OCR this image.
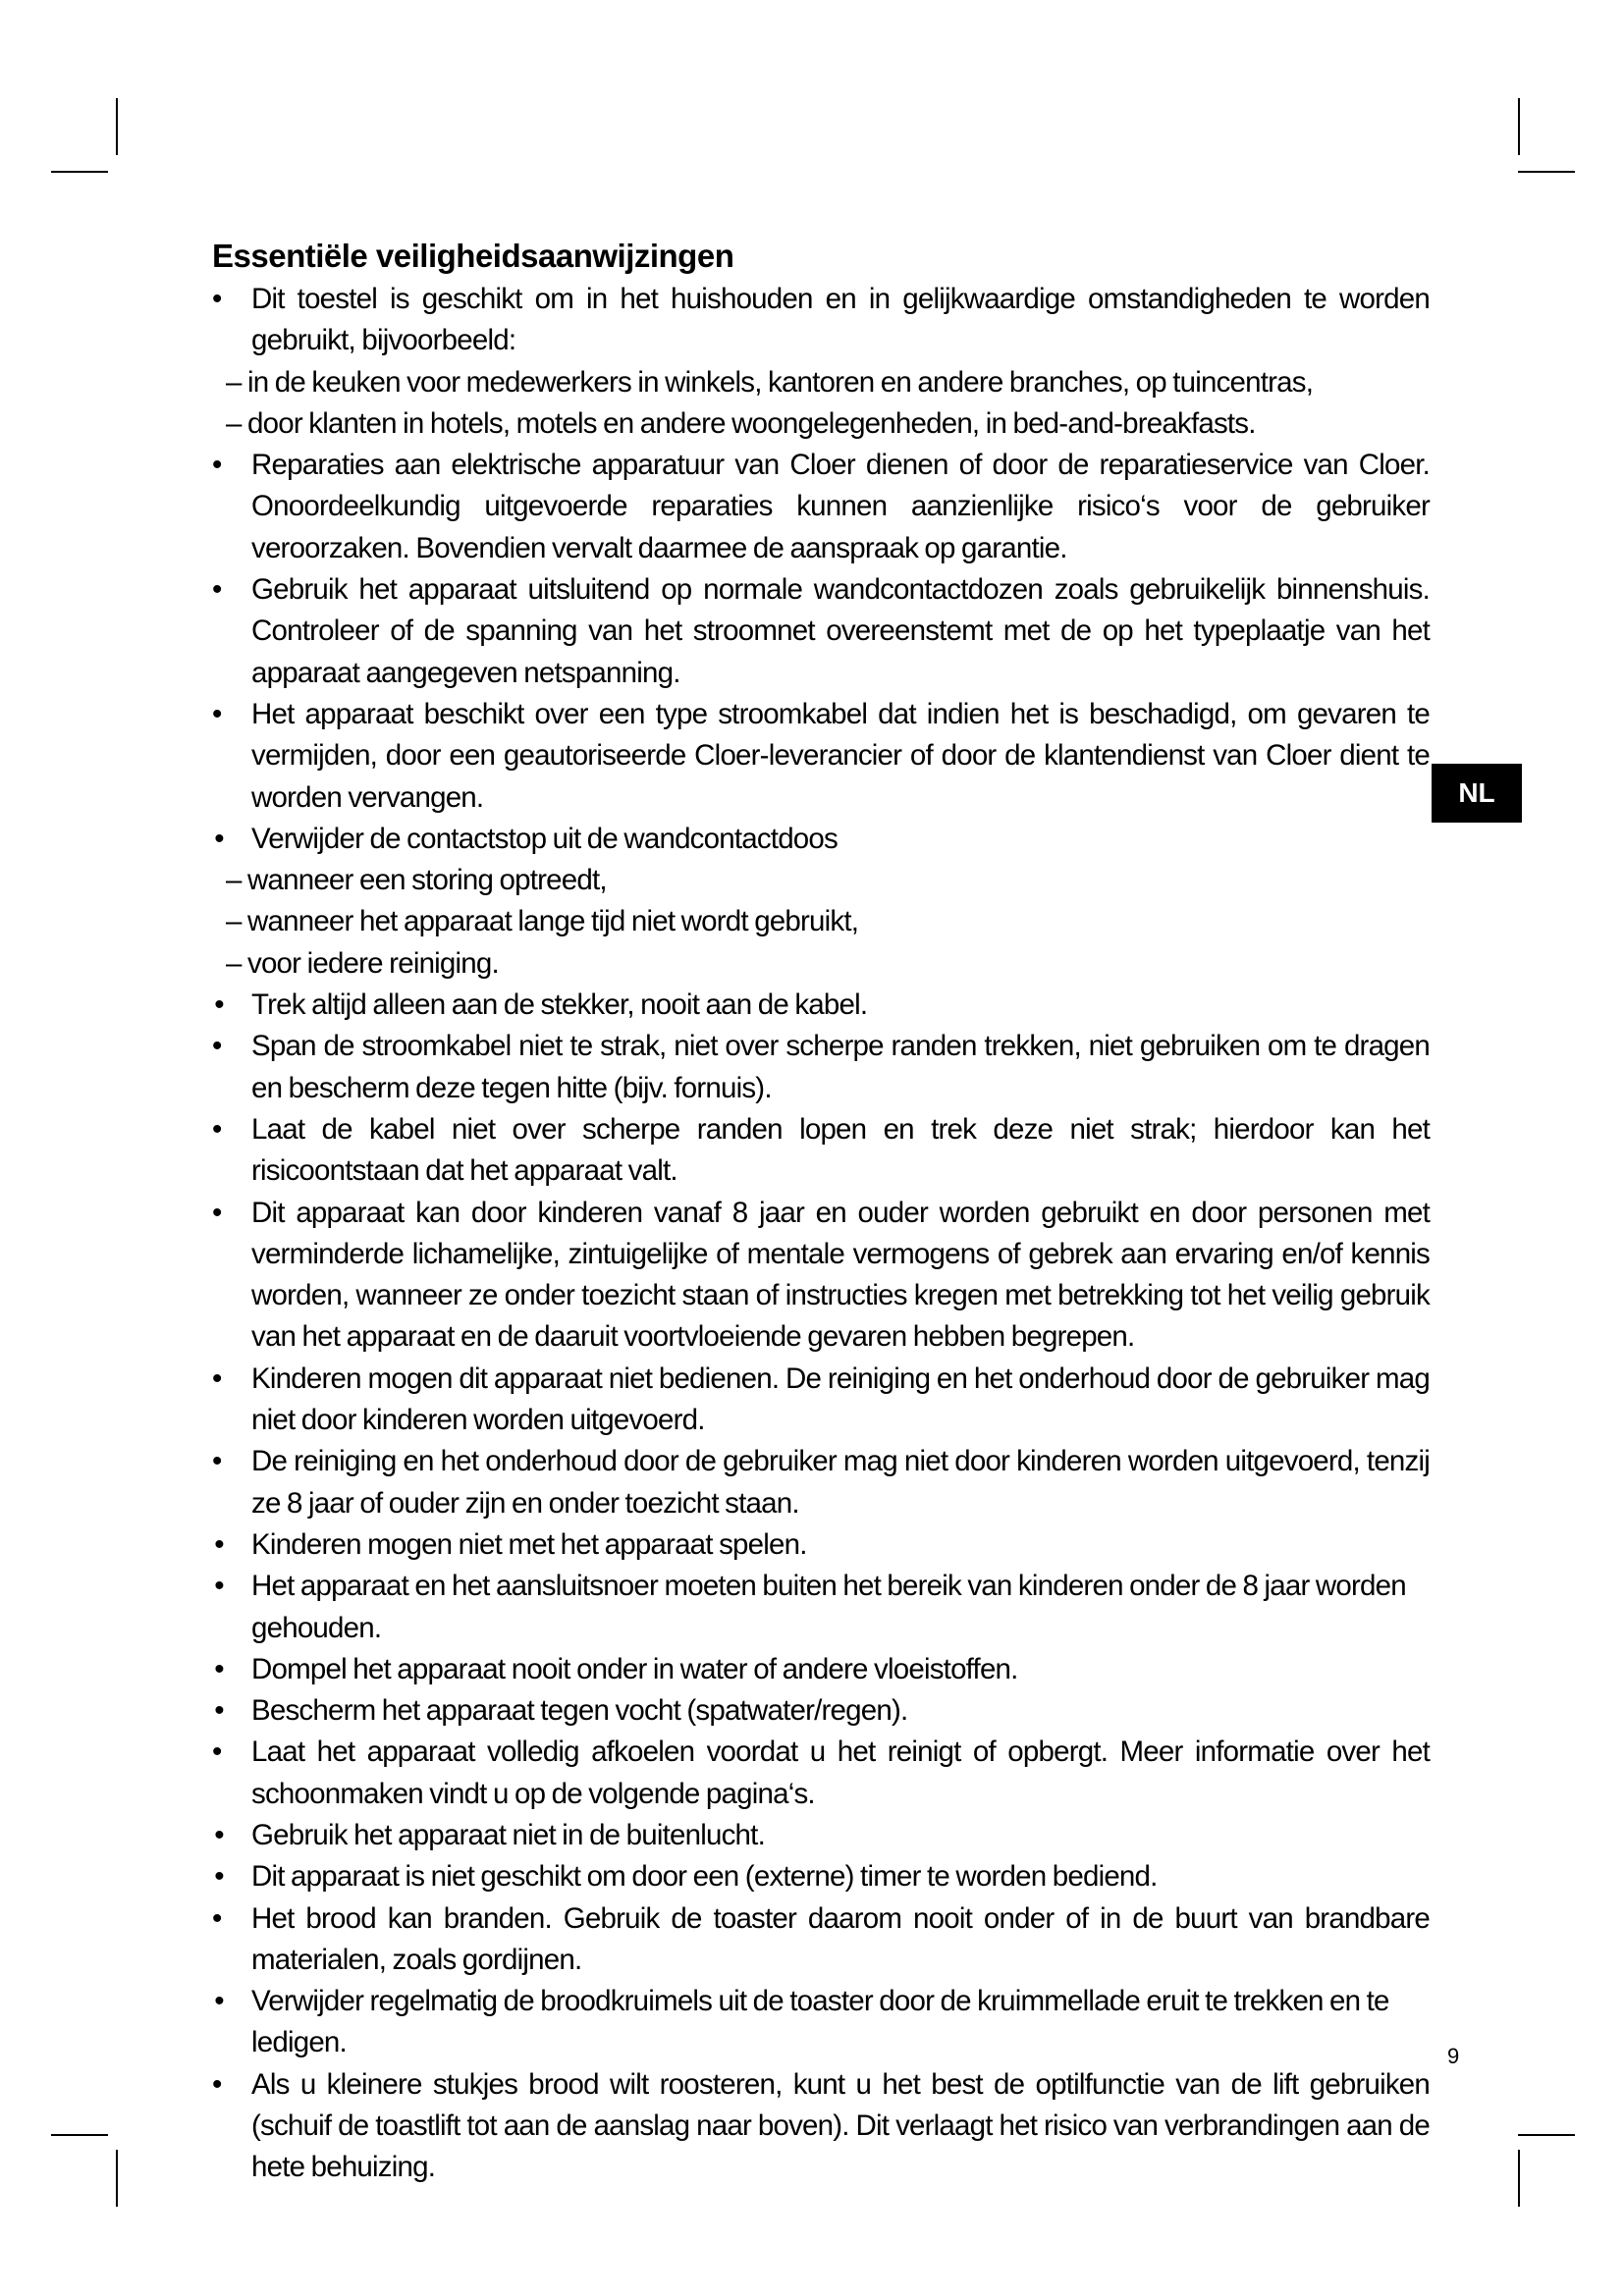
Essentiële veiligheidsaanwijzingen
• Dit toestel is geschikt om in het huishouden en in gelijkwaardige omstandigheden te worden gebruikt, bijvoorbeeld:
– in de keuken voor medewerkers in winkels, kantoren en andere branches, op tuincentras,
– door klanten in hotels, motels en andere woongelegenheden, in bed-and-breakfasts.
• Reparaties aan elektrische apparatuur van Cloer dienen of door de reparatieservice van Cloer. Onoordeelkundig uitgevoerde reparaties kunnen aanzienlijke risico‘s voor de gebruiker veroorzaken. Bovendien vervalt daarmee de aanspraak op garantie.
• Gebruik het apparaat uitsluitend op normale wandcontactdozen zoals gebruikelijk binnenshuis. Controleer of de spanning van het stroomnet overeenstemt met de op het typeplaatje van het apparaat aangegeven netspanning.
• Het apparaat beschikt over een type stroomkabel dat indien het is beschadigd, om gevaren te vermijden, door een geautoriseerde Cloer-leverancier of door de klantendienst van Cloer dient te worden vervangen.
• Verwijder de contactstop uit de wandcontactdoos
– wanneer een storing optreedt,
– wanneer het apparaat lange tijd niet wordt gebruikt,
– voor iedere reiniging.
• Trek altijd alleen aan de stekker, nooit aan de kabel.
• Span de stroomkabel niet te strak, niet over scherpe randen trekken, niet gebruiken om te dragen en bescherm deze tegen hitte (bijv. fornuis).
• Laat de kabel niet over scherpe randen lopen en trek deze niet strak; hierdoor kan het risicoontstaan dat het apparaat valt.
• Dit apparaat kan door kinderen vanaf 8 jaar en ouder worden gebruikt en door personen met verminderde lichamelijke, zintuigelijke of mentale vermogens of gebrek aan ervaring en/of kennis worden, wanneer ze onder toezicht staan of instructies kregen met betrekking tot het veilig gebruik van het apparaat en de daaruit voortvloeiende gevaren hebben begrepen.
• Kinderen mogen dit apparaat niet bedienen. De reiniging en het onderhoud door de gebruiker mag niet door kinderen worden uitgevoerd.
• De reiniging en het onderhoud door de gebruiker mag niet door kinderen worden uitgevoerd, tenzij ze 8 jaar of ouder zijn en onder toezicht staan.
• Kinderen mogen niet met het apparaat spelen.
• Het apparaat en het aansluitsnoer moeten buiten het bereik van kinderen onder de 8 jaar worden gehouden.
• Dompel het apparaat nooit onder in water of andere vloeistoffen.
• Bescherm het apparaat tegen vocht (spatwater/regen).
• Laat het apparaat volledig afkoelen voordat u het reinigt of opbergt. Meer informatie over het schoonmaken vindt u op de volgende pagina‘s.
• Gebruik het apparaat niet in de buitenlucht.
• Dit apparaat is niet geschikt om door een (externe) timer te worden bediend.
• Het brood kan branden. Gebruik de toaster daarom nooit onder of in de buurt van brandbare materialen, zoals gordijnen.
• Verwijder regelmatig de broodkruimels uit de toaster door de kruimmellade eruit te trekken en te ledigen.
• Als u kleinere stukjes brood wilt roosteren, kunt u het best de optilfunctie van de lift gebruiken (schuif de toastlift tot aan de aanslag naar boven). Dit verlaagt het risico van verbrandingen aan de hete behuizing.
NL
9
